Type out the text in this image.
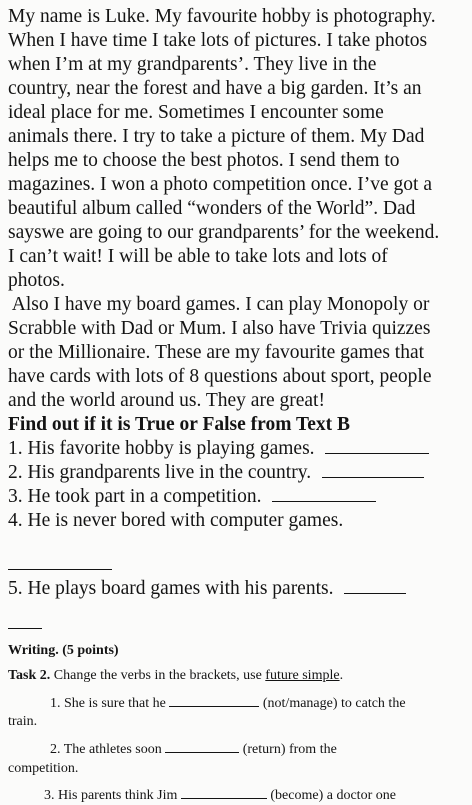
My name is Luke. My favourite hobby is photography.
When I have time I take lots of pictures. I take photos
when I’m at my grandparents’. They live in the
country, near the forest and have a big garden. It’s an
ideal place for me. Sometimes I encounter some
animals there. I try to take a picture of them. My Dad
helps me to choose the best photos. I send them to
magazines. I won a photo competition once. I’ve got a
beautiful album called “wonders of the World”. Dad
sayswe are going to our grandparents’ for the weekend.
I can’t wait! I will be able to take lots and lots of
photos.
Also I have my board games. I can play Monopoly or
Scrabble with Dad or Mum. I also have Trivia quizzes
or the Millionaire. These are my favourite games that
have cards with lots of 8 questions about sport, people
and the world around us. They are great!
Find out if it is True or False from Text B
1. His favorite hobby is playing games.
2. His grandparents live in the country.
3. He took part in a competition.
4. He is never bored with computer games.
5. He plays board games with his parents.
Writing. (5 points)
Task 2. Change the verbs in the brackets, use future simple.
1. She is sure that he	(not/manage) to catch the
train.
2. The athletes soon	(return) from the
competition.
3. His parents think Jim	(become) a doctor one
